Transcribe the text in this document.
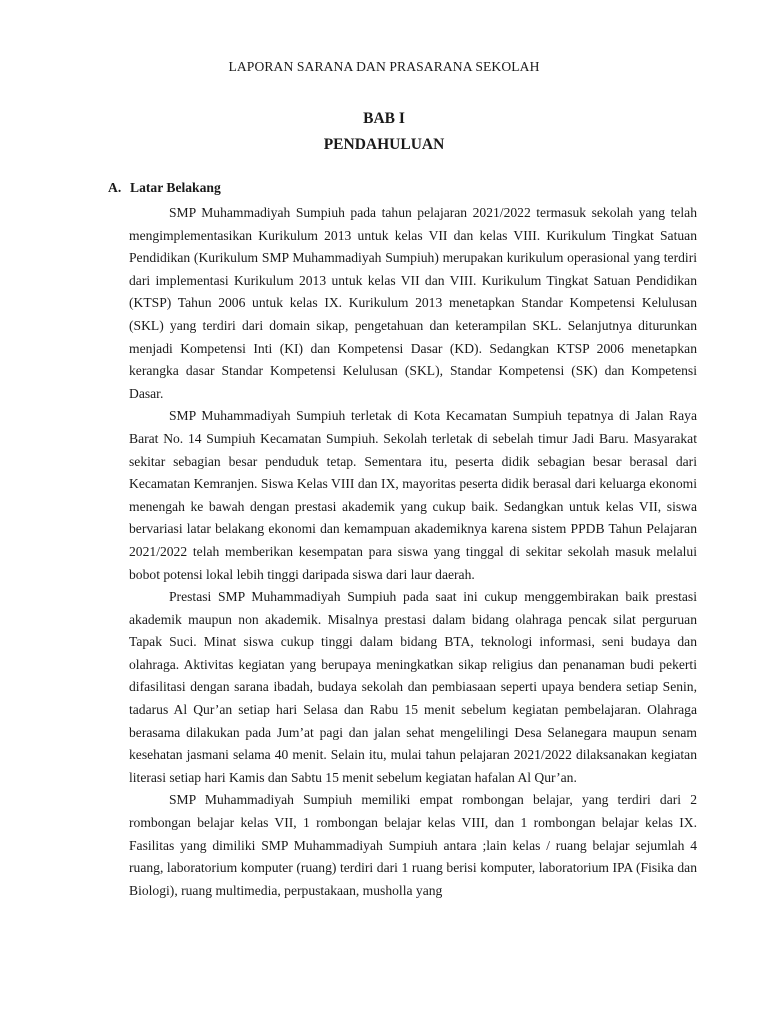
LAPORAN SARANA DAN PRASARANA SEKOLAH
BAB I
PENDAHULUAN
A. Latar Belakang

SMP Muhammadiyah Sumpiuh pada tahun pelajaran 2021/2022 termasuk sekolah yang telah mengimplementasikan Kurikulum 2013 untuk kelas VII dan kelas VIII. Kurikulum Tingkat Satuan Pendidikan (Kurikulum SMP Muhammadiyah Sumpiuh) merupakan kurikulum operasional yang terdiri dari implementasi Kurikulum 2013 untuk kelas VII dan VIII. Kurikulum Tingkat Satuan Pendidikan (KTSP) Tahun 2006 untuk kelas IX. Kurikulum 2013 menetapkan Standar Kompetensi Kelulusan (SKL) yang terdiri dari domain sikap, pengetahuan dan keterampilan SKL. Selanjutnya diturunkan menjadi Kompetensi Inti (KI) dan Kompetensi Dasar (KD). Sedangkan KTSP 2006 menetapkan kerangka dasar Standar Kompetensi Kelulusan (SKL), Standar Kompetensi (SK) dan Kompetensi Dasar.

SMP Muhammadiyah Sumpiuh terletak di Kota Kecamatan Sumpiuh tepatnya di Jalan Raya Barat No. 14 Sumpiuh Kecamatan Sumpiuh. Sekolah terletak di sebelah timur Jadi Baru. Masyarakat sekitar sebagian besar penduduk tetap. Sementara itu, peserta didik sebagian besar berasal dari Kecamatan Kemranjen. Siswa Kelas VIII dan IX, mayoritas peserta didik berasal dari keluarga ekonomi menengah ke bawah dengan prestasi akademik yang cukup baik. Sedangkan untuk kelas VII, siswa bervariasi latar belakang ekonomi dan kemampuan akademiknya karena sistem PPDB Tahun Pelajaran 2021/2022 telah memberikan kesempatan para siswa yang tinggal di sekitar sekolah masuk melalui bobot potensi lokal lebih tinggi daripada siswa dari laur daerah.

Prestasi SMP Muhammadiyah Sumpiuh pada saat ini cukup menggembirakan baik prestasi akademik maupun non akademik. Misalnya prestasi dalam bidang olahraga pencak silat perguruan Tapak Suci. Minat siswa cukup tinggi dalam bidang BTA, teknologi informasi, seni budaya dan olahraga. Aktivitas kegiatan yang berupaya meningkatkan sikap religius dan penanaman budi pekerti difasilitasi dengan sarana ibadah, budaya sekolah dan pembiasaan seperti upaya bendera setiap Senin, tadarus Al Qur’an setiap hari Selasa dan Rabu 15 menit sebelum kegiatan pembelajaran. Olahraga berasama dilakukan pada Jum’at pagi dan jalan sehat mengelilingi Desa Selanegara maupun senam kesehatan jasmani selama 40 menit. Selain itu, mulai tahun pelajaran 2021/2022 dilaksanakan kegiatan literasi setiap hari Kamis dan Sabtu 15 menit sebelum kegiatan hafalan Al Qur’an.

SMP Muhammadiyah Sumpiuh memiliki empat rombongan belajar, yang terdiri dari 2 rombongan belajar kelas VII, 1 rombongan belajar kelas VIII, dan 1 rombongan belajar kelas IX. Fasilitas yang dimiliki SMP Muhammadiyah Sumpiuh antara ;lain kelas / ruang belajar sejumlah 4 ruang, laboratorium komputer (ruang) terdiri dari 1 ruang berisi komputer, laboratorium IPA (Fisika dan Biologi), ruang multimedia, perpustakaan, musholla yang
